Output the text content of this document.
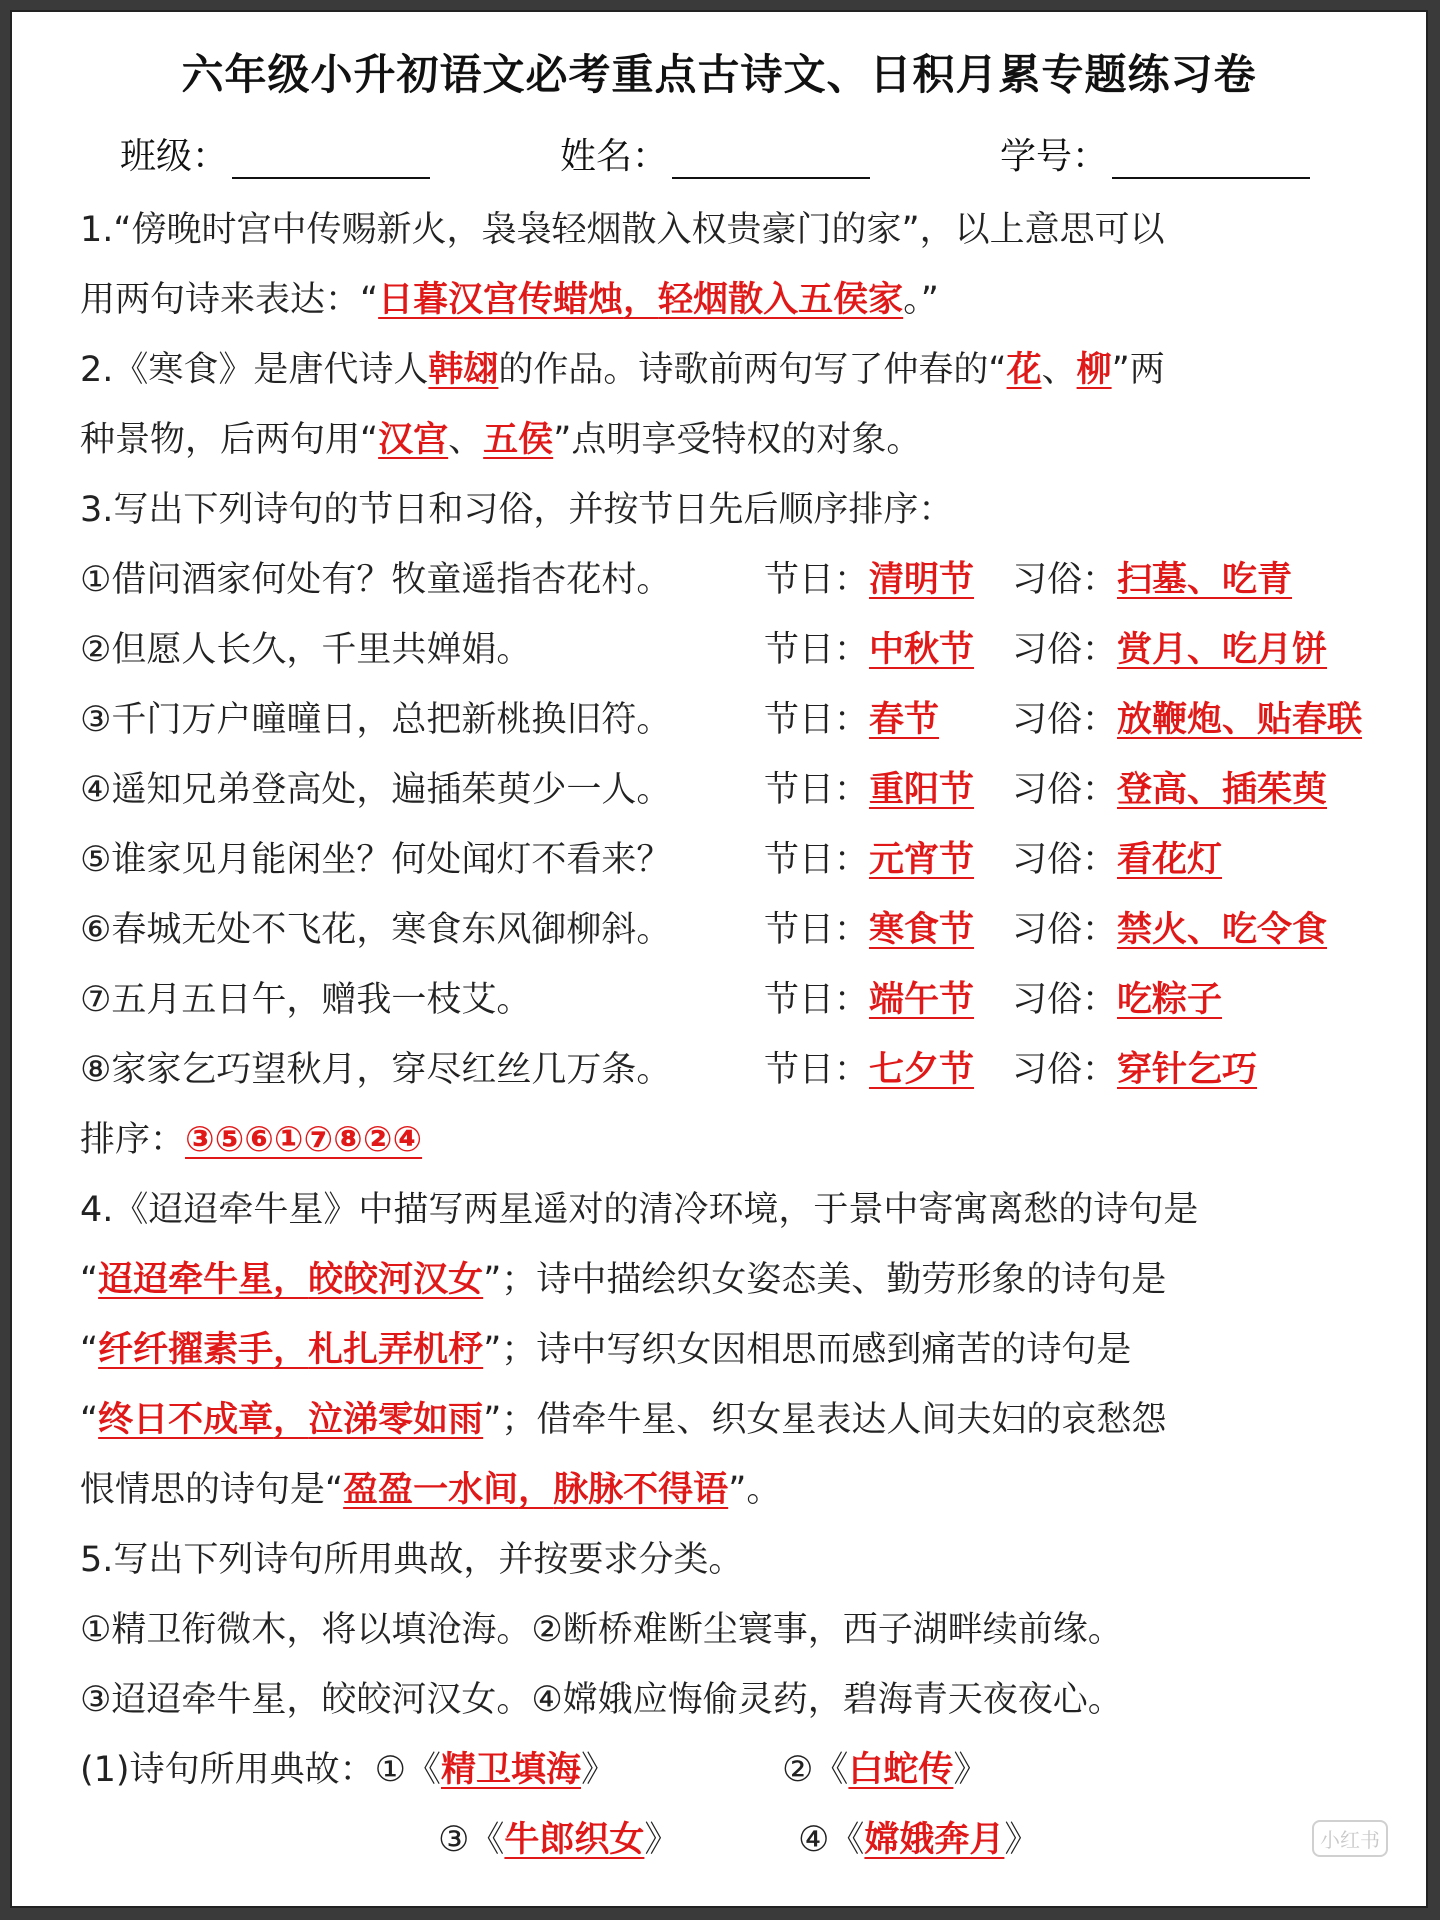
六年级小升初语文必考重点古诗文、日积月累专题练习卷
班级：	姓名：	学号：
1.“傍晚时宫中传赐新火，袅袅轻烟散入权贵豪门的家”，以上意思可以
用两句诗来表达：“日暮汉宫传蜡烛，轻烟散入五侯家。”
2.《寒食》是唐代诗人韩翃的作品。诗歌前两句写了仲春的“花、柳”两
种景物，后两句用“汉宫、五侯”点明享受特权的对象。
3.写出下列诗句的节日和习俗，并按节日先后顺序排序：
①借问酒家何处有？牧童遥指杏花村。	节日：清明节 习俗：扫墓、吃青
②但愿人长久，千里共婵娟。	节日：中秋节 习俗：赏月、吃月饼
③千门万户曈曈日，总把新桃换旧符。	节日：春节 习俗：放鞭炮、贴春联
④遥知兄弟登高处，遍插茱萸少一人。	节日：重阳节 习俗：登高、插茱萸
⑤谁家见月能闲坐？何处闻灯不看来？	节日：元宵节 习俗：看花灯
⑥春城无处不飞花，寒食东风御柳斜。	节日：寒食节 习俗：禁火、吃令食
⑦五月五日午，赠我一枝艾。	节日：端午节 习俗：吃粽子
⑧家家乞巧望秋月，穿尽红丝几万条。	节日：七夕节 习俗：穿针乞巧
排序：③⑤⑥①⑦⑧②④
4.《迢迢牵牛星》中描写两星遥对的清冷环境，于景中寄寓离愁的诗句是
“迢迢牵牛星，皎皎河汉女”；诗中描绘织女姿态美、勤劳形象的诗句是
“纤纤擢素手，札扎弄机杼”；诗中写织女因相思而感到痛苦的诗句是
“终日不成章，泣涕零如雨”；借牵牛星、织女星表达人间夫妇的哀愁怨
恨情思的诗句是“盈盈一水间，脉脉不得语”。
5.写出下列诗句所用典故，并按要求分类。
①精卫衔微木，将以填沧海。②断桥难断尘寰事，西子湖畔续前缘。
③迢迢牵牛星，皎皎河汉女。④嫦娥应悔偷灵药，碧海青天夜夜心。
(1)诗句所用典故：①《精卫填海》	②《白蛇传》
③《牛郎织女》	④《嫦娥奔月》	小红书
